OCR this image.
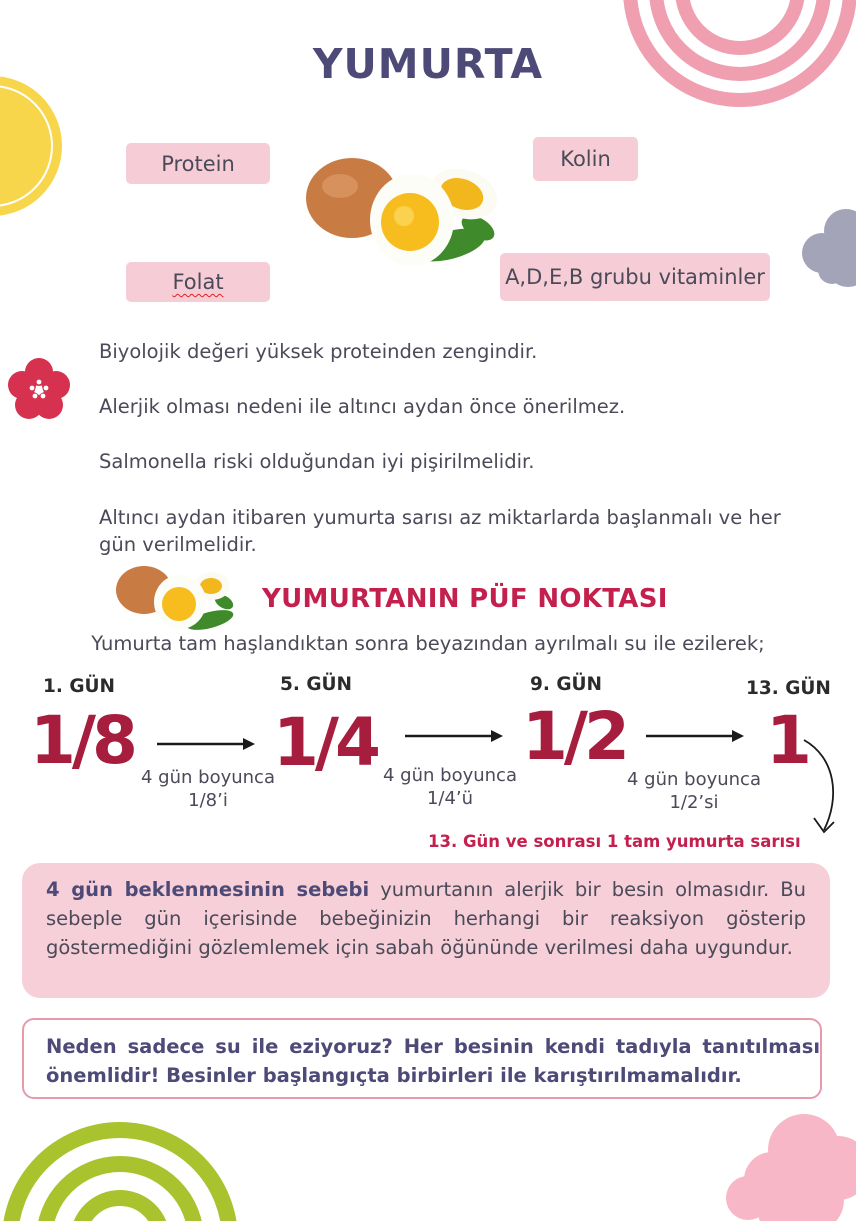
YUMURTA
Protein	Kolin
Folat	A,D,E,B grubu vitaminler
Biyolojik değeri yüksek proteinden zengindir.
Alerjik olması nedeni ile altıncı aydan önce önerilmez.
Salmonella riski olduğundan iyi pişirilmelidir.
Altıncı aydan itibaren yumurta sarısı az miktarlarda başlanmalı ve her gün verilmelidir.
YUMURTANIN PÜF NOKTASI
Yumurta tam haşlandıktan sonra beyazından ayrılmalı su ile ezilerek;
1. GÜN	5. GÜN	9. GÜN	13. GÜN
1/8 1/4 1/2 1
4 gün boyunca
1/8’i
4 gün boyunca
1/4’ü
4 gün boyunca
1/2’si
13. Gün ve sonrası 1 tam yumurta sarısı
4 gün beklenmesinin sebebi yumurtanın alerjik bir besin olmasıdır. Bu sebeple gün içerisinde bebeğinizin herhangi bir reaksiyon gösterip göstermediğini gözlemlemek için sabah öğününde verilmesi daha uygundur.
Neden sadece su ile eziyoruz? Her besinin kendi tadıyla tanıtılması önemlidir! Besinler başlangıçta birbirleri ile karıştırılmamalıdır.
